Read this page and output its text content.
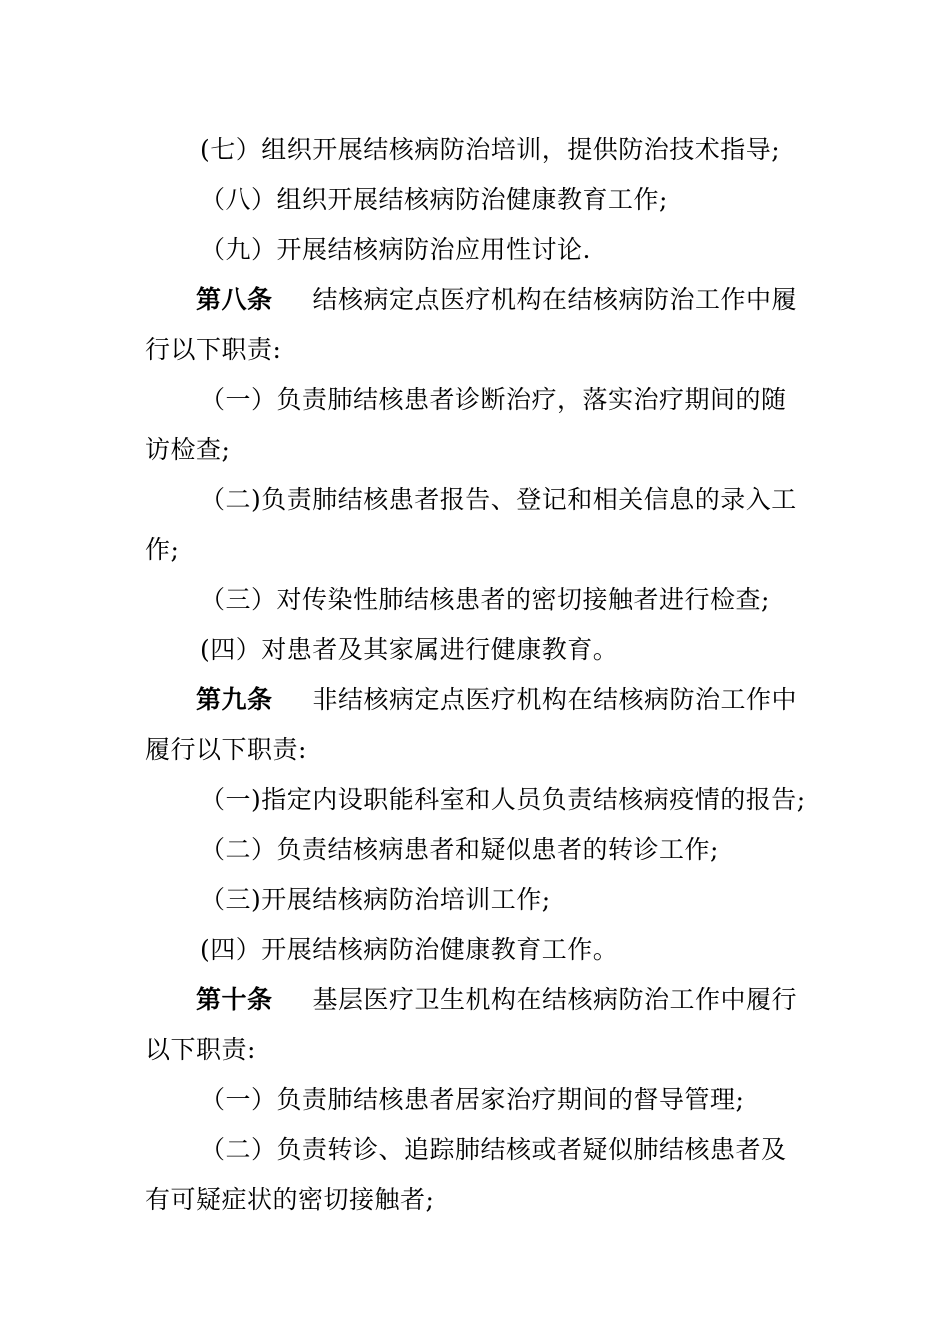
(七）组织开展结核病防治培训，提供防治技术指导;
（八）组织开展结核病防治健康教育工作;
（九）开展结核病防治应用性讨论.
第八条 结核病定点医疗机构在结核病防治工作中履
行以下职责:
（一）负责肺结核患者诊断治疗，落实治疗期间的随
访检查;
（二)负责肺结核患者报告、登记和相关信息的录入工
作;
（三）对传染性肺结核患者的密切接触者进行检查;
(四）对患者及其家属进行健康教育。
第九条 非结核病定点医疗机构在结核病防治工作中
履行以下职责:
（一)指定内设职能科室和人员负责结核病疫情的报告;
（二）负责结核病患者和疑似患者的转诊工作;
（三)开展结核病防治培训工作;
(四）开展结核病防治健康教育工作。
第十条 基层医疗卫生机构在结核病防治工作中履行
以下职责:
（一）负责肺结核患者居家治疗期间的督导管理;
（二）负责转诊、追踪肺结核或者疑似肺结核患者及
有可疑症状的密切接触者;
